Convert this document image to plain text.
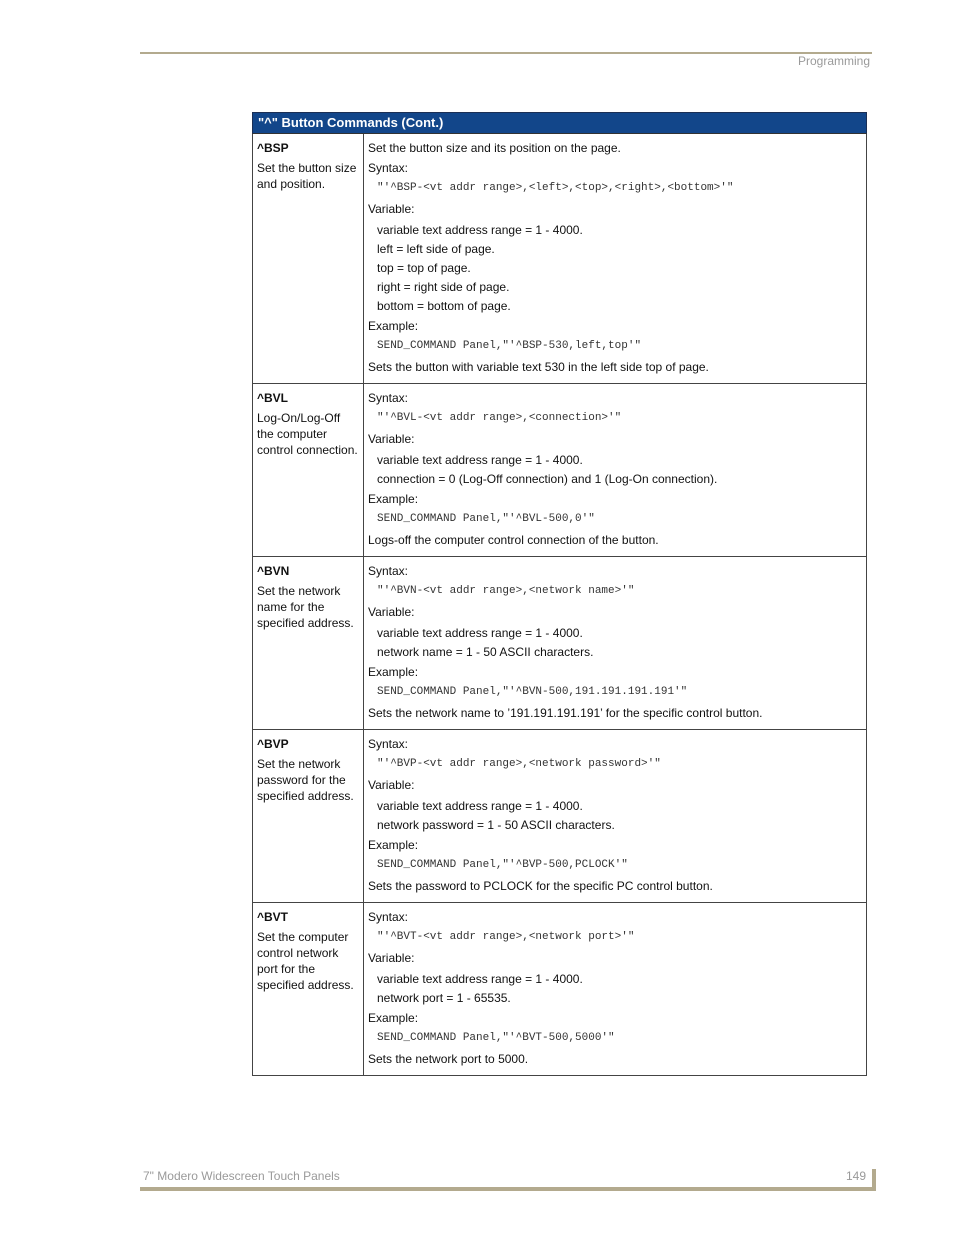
Programming
"^" Button Commands (Cont.)
^BSP
Set the button size and position.
Set the button size and its position on the page.
Syntax:
"'^BSP-<vt addr range>,<left>,<top>,<right>,<bottom>'"
Variable:
variable text address range = 1 - 4000.
left = left side of page.
top = top of page.
right = right side of page.
bottom = bottom of page.
Example:
SEND_COMMAND Panel,"'^BSP-530,left,top'"
Sets the button with variable text 530 in the left side top of page.
^BVL
Log-On/Log-Off the computer control connection.
Syntax:
"'^BVL-<vt addr range>,<connection>'"
Variable:
variable text address range = 1 - 4000.
connection = 0 (Log-Off connection) and 1 (Log-On connection).
Example:
SEND_COMMAND Panel,"'^BVL-500,0'"
Logs-off the computer control connection of the button.
^BVN
Set the network name for the specified address.
Syntax:
"'^BVN-<vt addr range>,<network name>'"
Variable:
variable text address range = 1 - 4000.
network name = 1 - 50 ASCII characters.
Example:
SEND_COMMAND Panel,"'^BVN-500,191.191.191.191'"
Sets the network name to ’191.191.191.191’ for the specific control button.
^BVP
Set the network password for the specified address.
Syntax:
"'^BVP-<vt addr range>,<network password>'"
Variable:
variable text address range = 1 - 4000.
network password = 1 - 50 ASCII characters.
Example:
SEND_COMMAND Panel,"'^BVP-500,PCLOCK'"
Sets the password to PCLOCK for the specific PC control button.
^BVT
Set the computer control network port for the specified address.
Syntax:
"'^BVT-<vt addr range>,<network port>'"
Variable:
variable text address range = 1 - 4000.
network port = 1 - 65535.
Example:
SEND_COMMAND Panel,"'^BVT-500,5000'"
Sets the network port to 5000.
7" Modero Widescreen Touch Panels	149
